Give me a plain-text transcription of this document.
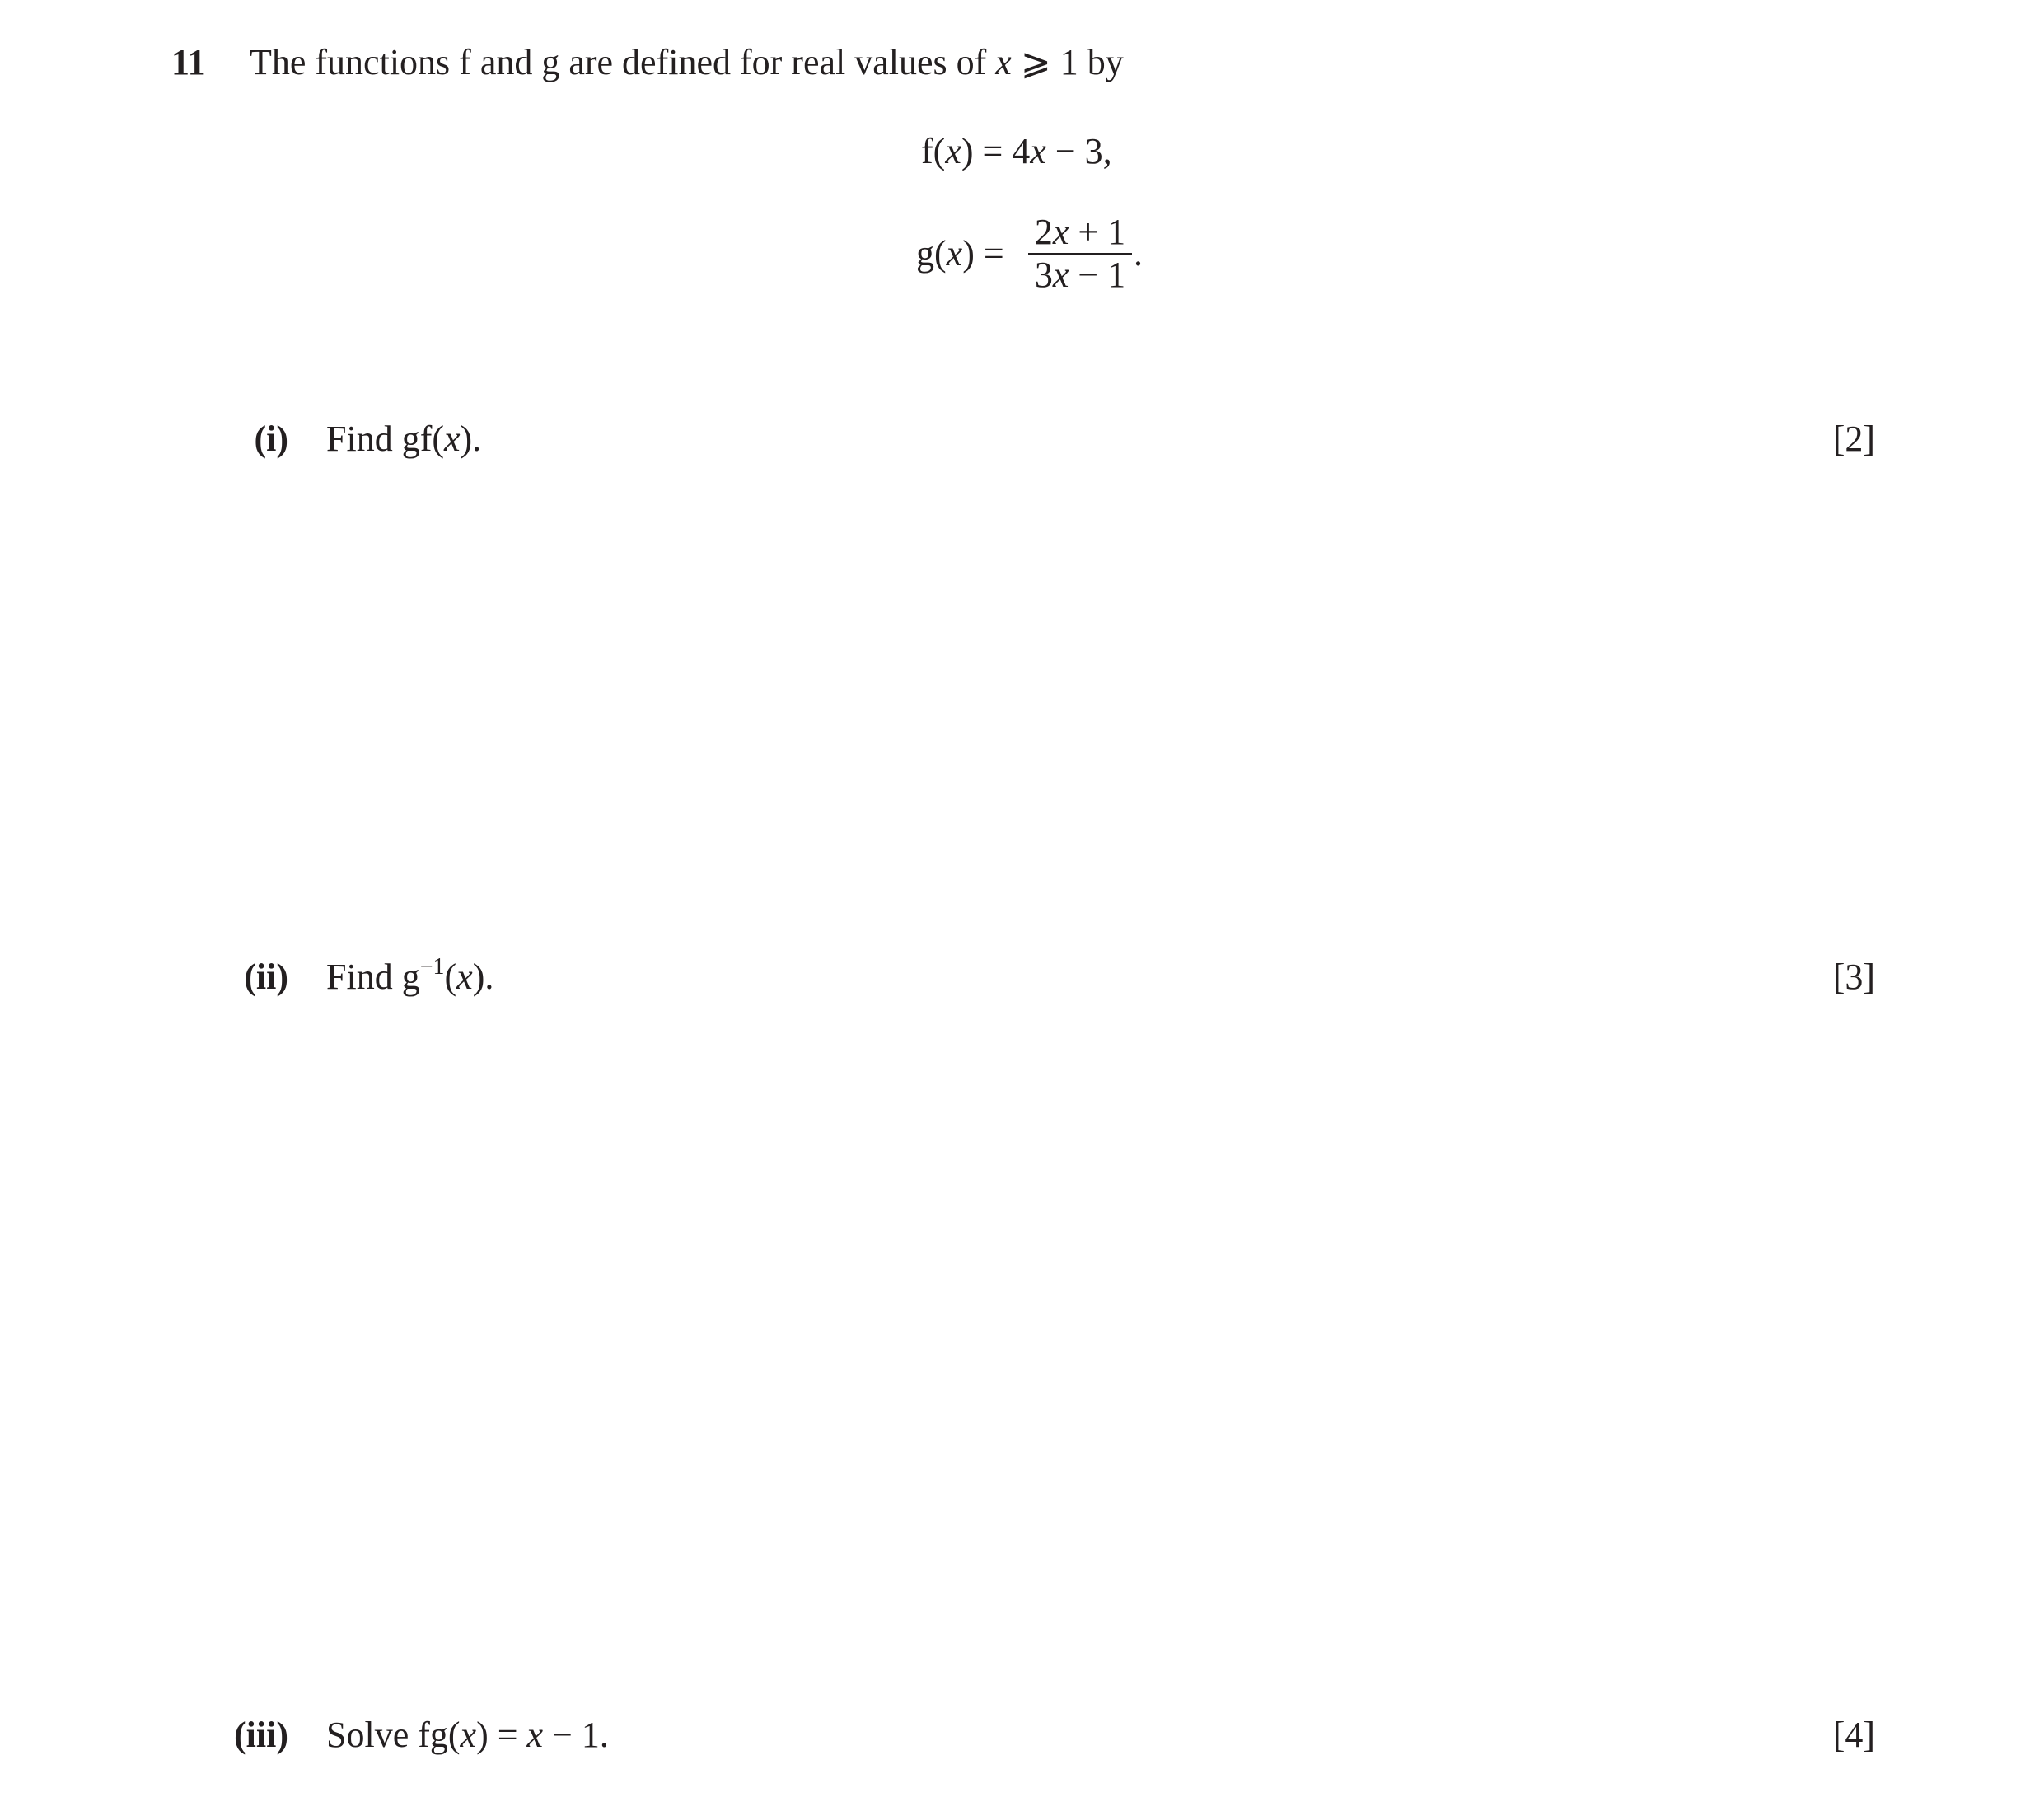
11 The functions f and g are defined for real values of x ⩾ 1 by
f(x) = 4x − 3,
g(x) =
2x + 1
3x − 1
.
(i) Find gf(x).	[2]
(ii) Find $g^{-1}(x)$.	[3]
(iii) Solve fg(x) = x − 1.	[4]
